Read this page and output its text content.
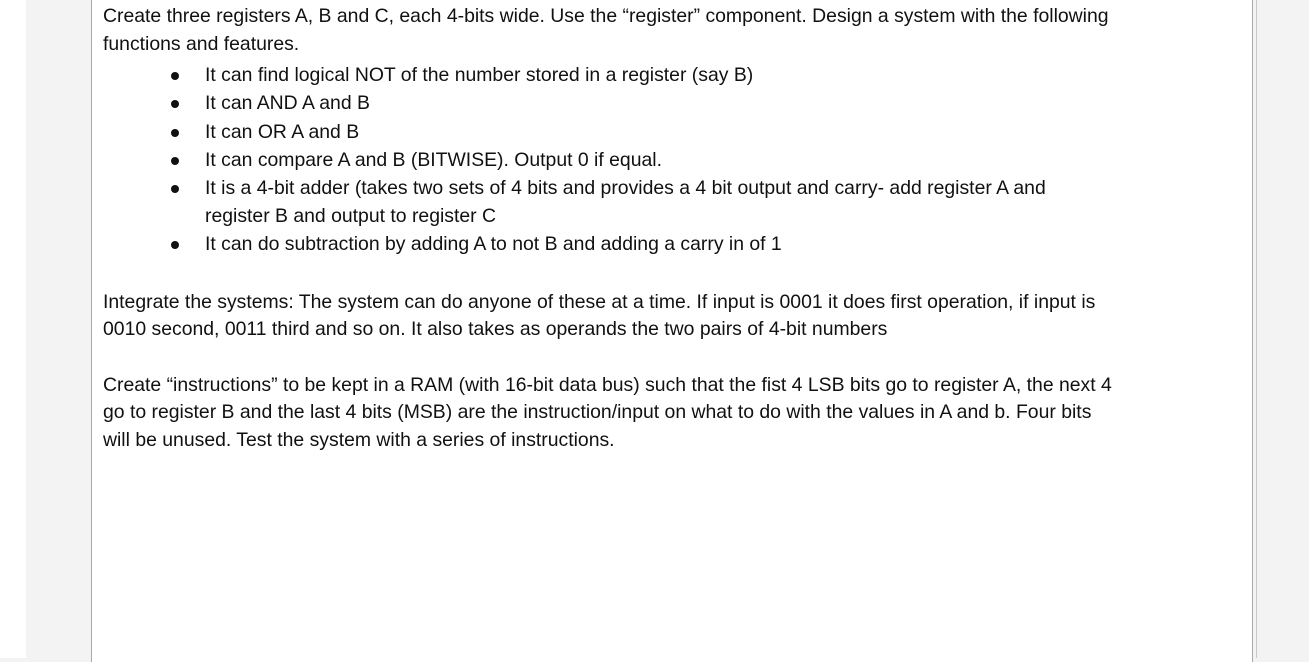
Create three registers A, B and C, each 4-bits wide. Use the “register” component. Design a system with the following functions and features.

It can find logical NOT of the number stored in a register (say B)
It can AND A and B
It can OR A and B
It can compare A and B (BITWISE). Output 0 if equal.
It is a 4-bit adder (takes two sets of 4 bits and provides a 4 bit output and carry- add register A and register B and output to register C
It can do subtraction by adding A to not B and adding a carry in of 1

Integrate the systems: The system can do anyone of these at a time. If input is 0001 it does first operation, if input is 0010 second, 0011 third and so on. It also takes as operands the two pairs of 4-bit numbers

Create “instructions” to be kept in a RAM (with 16-bit data bus) such that the fist 4 LSB bits go to register A, the next 4 go to register B and the last 4 bits (MSB) are the instruction/input on what to do with the values in A and b. Four bits will be unused. Test the system with a series of instructions.
